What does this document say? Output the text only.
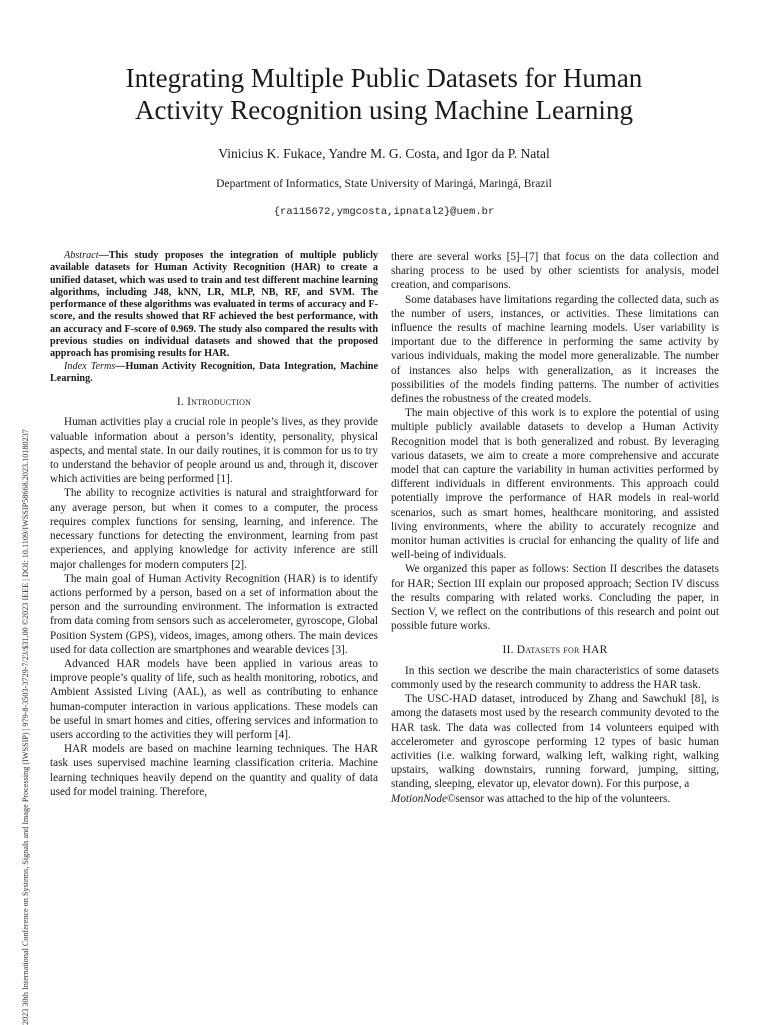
2023 30th International Conference on Systems, Signals and Image Processing (IWSSIP) | 979-8-3503-3729-7/23/$31.00 ©2023 IEEE | DOI: 10.1109/IWSSIP58668.2023.10180237
Integrating Multiple Public Datasets for Human
Activity Recognition using Machine Learning
Vinicius K. Fukace, Yandre M. G. Costa, and Igor da P. Natal
Department of Informatics, State University of Maringá, Maringá, Brazil
{ra115672,ymgcosta,ipnatal2}@uem.br

Abstract—This study proposes the integration of multiple publicly available datasets for Human Activity Recognition (HAR) to create a unified dataset, which was used to train and test different machine learning algorithms, including J48, kNN, LR, MLP, NB, RF, and SVM. The performance of these algorithms was evaluated in terms of accuracy and F-score, and the results showed that RF achieved the best performance, with an accuracy and F-score of 0.969. The study also compared the results with previous studies on individual datasets and showed that the proposed approach has promising results for HAR.

Index Terms—Human Activity Recognition, Data Integration, Machine Learning.

I. Introduction

Human activities play a crucial role in people’s lives, as they provide valuable information about a person’s identity, personality, physical aspects, and mental state. In our daily routines, it is common for us to try to understand the behavior of people around us and, through it, discover which activities are being performed [1].

The ability to recognize activities is natural and straightforward for any average person, but when it comes to a computer, the process requires complex functions for sensing, learning, and inference. The necessary functions for detecting the environment, learning from past experiences, and applying knowledge for activity inference are still major challenges for modern computers [2].

The main goal of Human Activity Recognition (HAR) is to identify actions performed by a person, based on a set of information about the person and the surrounding environment. The information is extracted from data coming from sensors such as accelerometer, gyroscope, Global Position System (GPS), videos, images, among others. The main devices used for data collection are smartphones and wearable devices [3].

Advanced HAR models have been applied in various areas to improve people’s quality of life, such as health monitoring, robotics, and Ambient Assisted Living (AAL), as well as contributing to enhance human-computer interaction in various applications. These models can be useful in smart homes and cities, offering services and information to users according to the activities they will perform [4].

HAR models are based on machine learning techniques. The HAR task uses supervised machine learning classification criteria. Machine learning techniques heavily depend on the quantity and quality of data used for model training. Therefore,

there are several works [5]–[7] that focus on the data collection and sharing process to be used by other scientists for analysis, model creation, and comparisons.

Some databases have limitations regarding the collected data, such as the number of users, instances, or activities. These limitations can influence the results of machine learning models. User variability is important due to the difference in performing the same activity by various individuals, making the model more generalizable. The number of instances also helps with generalization, as it increases the possibilities of the models finding patterns. The number of activities defines the robustness of the created models.

The main objective of this work is to explore the potential of using multiple publicly available datasets to develop a Human Activity Recognition model that is both generalized and robust. By leveraging various datasets, we aim to create a more comprehensive and accurate model that can capture the variability in human activities performed by different individuals in different environments. This approach could potentially improve the performance of HAR models in real-world scenarios, such as smart homes, healthcare monitoring, and assisted living environments, where the ability to accurately recognize and monitor human activities is crucial for enhancing the quality of life and well-being of individuals.

We organized this paper as follows: Section II describes the datasets for HAR; Section III explain our proposed approach; Section IV discuss the results comparing with related works. Concluding the paper, in Section V, we reflect on the contributions of this research and point out possible future works.

II. Datasets for HAR

In this section we describe the main characteristics of some datasets commonly used by the research community to address the HAR task.

The USC-HAD dataset, introduced by Zhang and Sawchukl [8], is among the datasets most used by the research community devoted to the HAR task. The data was collected from 14 volunteers equiped with accelerometer and gyroscope performing 12 types of basic human activities (i.e. walking forward, walking left, walking right, walking upstairs, walking downstairs, running forward, jumping, sitting, standing, sleeping, elevator up, elevator down). For this purpose, a

MotionNode©sensor was attached to the hip of the volunteers.
